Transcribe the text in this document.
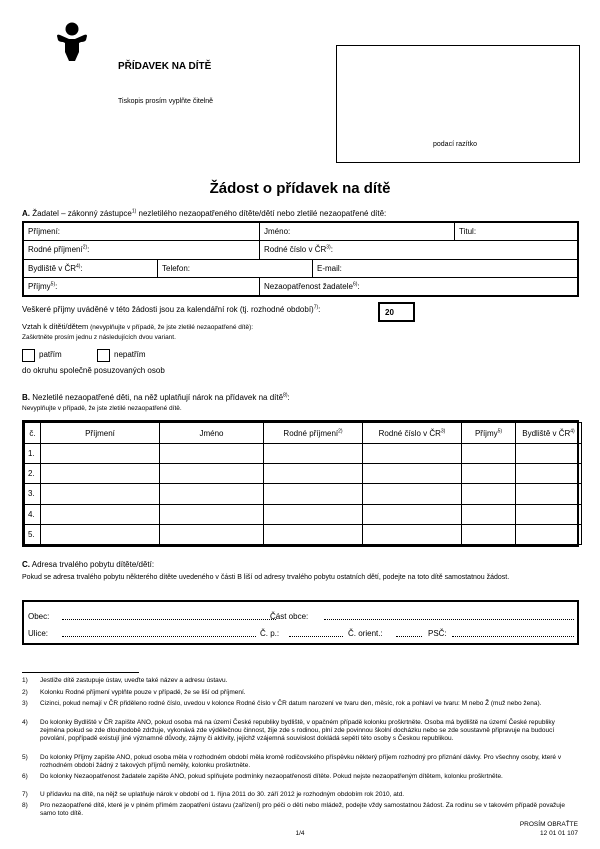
PŘÍDAVEK NA DÍTĚ
Tiskopis prosím vyplňte čitelně
podací razítko
Žádost o přídavek na dítě
A. Žadatel – zákonný zástupce$^{1)}$ nezletilého nezaopatřeného dítěte/dětí nebo zletilé nezaopatřené dítě:
Příjmení:	Jméno:	Titul:
Rodné příjmení$^{2)}$:	Rodné číslo v ČR$^{3)}$:
Bydliště v ČR$^{4)}$:	Telefon:	E-mail:
Příjmy$^{5)}$:	Nezaopatřenost žadatele$^{6)}$:
Veškeré příjmy uváděné v této žádosti jsou za kalendářní rok (tj. rozhodné období)$^{7)}$:	20
Vztah k dítěti/dětem (nevyplňujte v případě, že jste zletilé nezaopatřené dítě):
Zaškrtněte prosím jednu z následujících dvou variant.
patřím	nepatřím
do okruhu společně posuzovaných osob
B. Nezletilé nezaopatřené děti, na něž uplatňují nárok na přídavek na dítě$^{8)}$:
Nevyplňujte v případě, že jste zletilé nezaopatřené dítě.
č.	Příjmení	Jméno	Rodné příjmení$^{2)}$	Rodné číslo v ČR$^{3)}$	Příjmy$^{5)}$	Bydliště v ČR$^{4)}$
1.						
2.						
3.						
4.						
5.						
C. Adresa trvalého pobytu dítěte/dětí:
Pokud se adresa trvalého pobytu některého dítěte uvedeného v části B liší od adresy trvalého pobytu ostatních dětí, podejte na toto dítě samostatnou žádost.
Obec:	Část obce:
Ulice:	Č. p.:	Č. orient.:	PSČ:
1) Jestliže dítě zastupuje ústav, uveďte také název a adresu ústavu.
2) Kolonku Rodné příjmení vyplňte pouze v případě, že se liší od příjmení.
3) Cizinci, pokud nemají v ČR přiděleno rodné číslo, uvedou v kolonce Rodné číslo v ČR datum narození ve tvaru den, měsíc, rok a pohlaví ve tvaru: M nebo Ž (muž nebo žena).
4) Do kolonky Bydliště v ČR zapište ANO, pokud osoba má na území České republiky bydliště, v opačném případě kolonku proškrtněte. Osoba má bydliště na území České republiky zejména pokud se zde dlouhodobě zdržuje, vykonává zde výdělečnou činnost, žije zde s rodinou, plní zde povinnou školní docházku nebo se zde soustavně připravuje na budoucí povolání, popřípadě existují jiné významné důvody, zájmy či aktivity, jejichž vzájemná souvislost dokládá sepětí této osoby s Českou republikou.
5) Do kolonky Příjmy zapište ANO, pokud osoba měla v rozhodném období měla kromě rodičovského příspěvku některý příjem rozhodný pro přiznání dávky. Pro všechny osoby, které v rozhodném období žádný z takových příjmů neměly, kolonku proškrtněte.
6) Do kolonky Nezaopatřenost žadatele zapište ANO, pokud splňujete podmínky nezaopatřenosti dítěte. Pokud nejste nezaopatřeným dítětem, kolonku proškrtněte.
7) U přídavku na dítě, na nějž se uplatňuje nárok v období od 1. října 2011 do 30. září 2012 je rozhodným obdobím rok 2010, atd.
8) Pro nezaopatřené dítě, které je v plném přímém zaopatření ústavu (zařízení) pro péči o děti nebo mládež, podejte vždy samostatnou žádost. Za rodinu se v takovém případě považuje samo toto dítě.
1/4
PROSÍM OBRAŤTE
12 01 01 107
